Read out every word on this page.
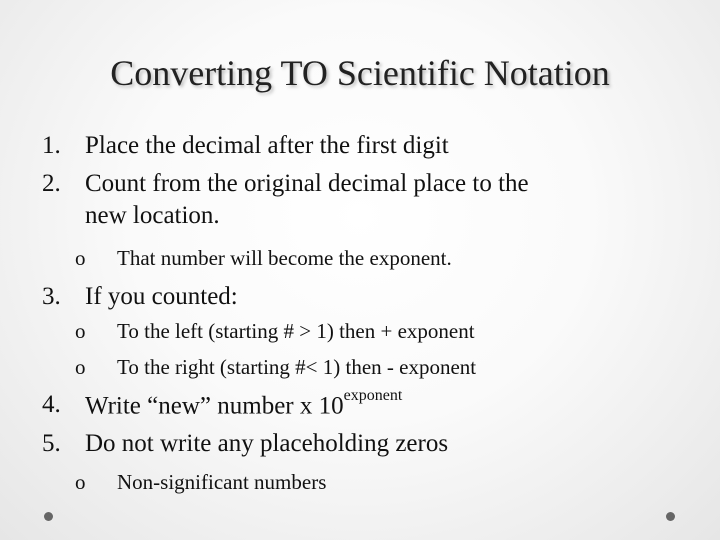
Converting TO Scientific Notation
1. Place the decimal after the first digit
2. Count from the original decimal place to the
new location.
o That number will become the exponent.
3. If you counted:
o To the left (starting # > 1) then + exponent
o To the right (starting #< 1) then - exponent
4. Write “new” number x $10^{exponent}$
5. Do not write any placeholding zeros
o Non-significant numbers
